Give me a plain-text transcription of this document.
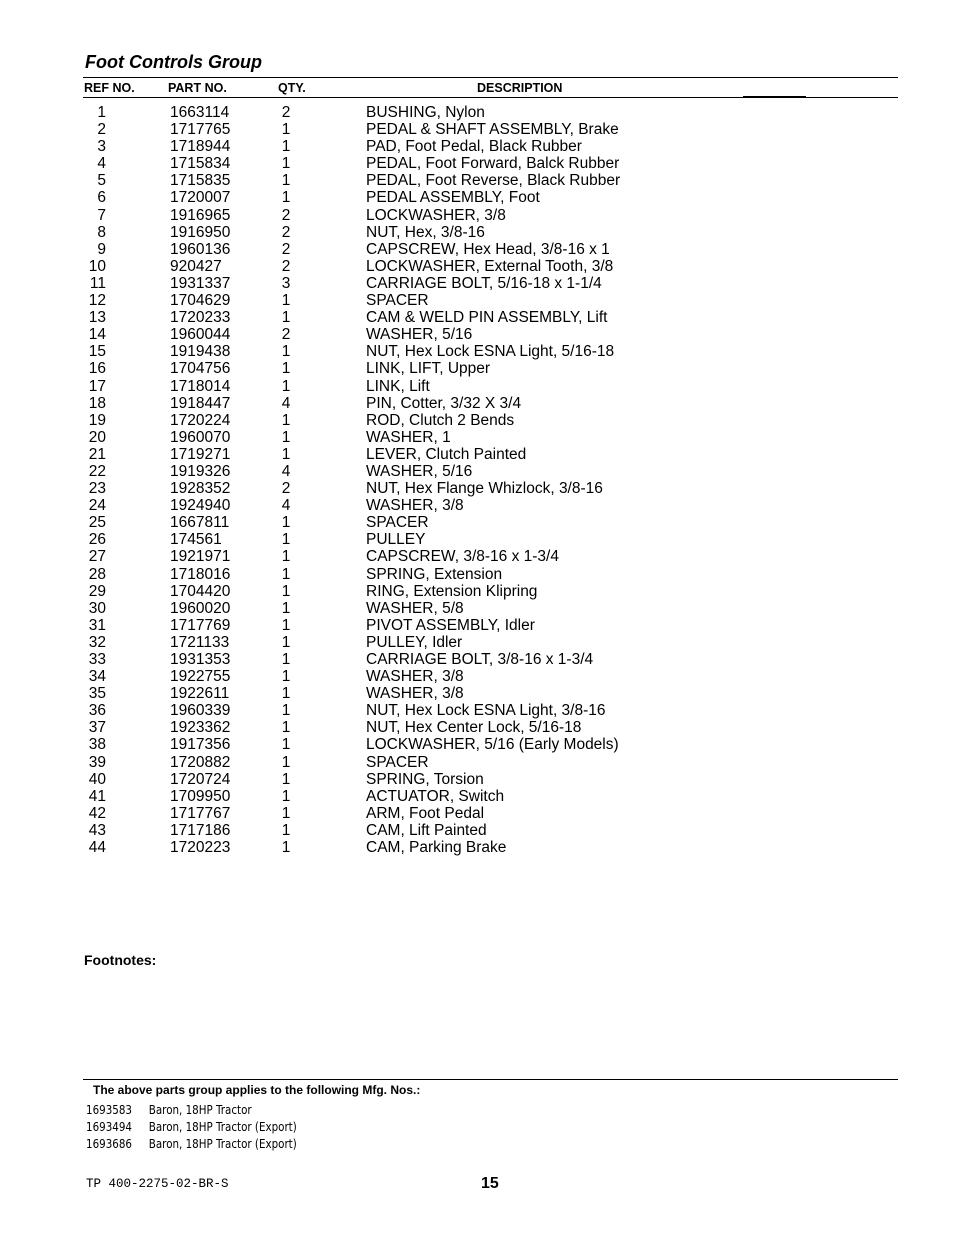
Foot Controls Group
REF NO.	PART NO.	QTY.	DESCRIPTION
1	1663114	2	BUSHING, Nylon
2	1717765	1	PEDAL & SHAFT ASSEMBLY, Brake
3	1718944	1	PAD, Foot Pedal, Black Rubber
4	1715834	1	PEDAL, Foot Forward, Balck Rubber
5	1715835	1	PEDAL, Foot Reverse, Black Rubber
6	1720007	1	PEDAL ASSEMBLY, Foot
7	1916965	2	LOCKWASHER, 3/8
8	1916950	2	NUT, Hex, 3/8-16
9	1960136	2	CAPSCREW, Hex Head, 3/8-16 x 1
10	920427	2	LOCKWASHER, External Tooth, 3/8
11	1931337	3	CARRIAGE BOLT, 5/16-18 x 1-1/4
12	1704629	1	SPACER
13	1720233	1	CAM & WELD PIN ASSEMBLY, Lift
14	1960044	2	WASHER, 5/16
15	1919438	1	NUT, Hex Lock ESNA Light, 5/16-18
16	1704756	1	LINK, LIFT, Upper
17	1718014	1	LINK, Lift
18	1918447	4	PIN, Cotter, 3/32 X 3/4
19	1720224	1	ROD, Clutch 2 Bends
20	1960070	1	WASHER, 1
21	1719271	1	LEVER, Clutch Painted
22	1919326	4	WASHER, 5/16
23	1928352	2	NUT, Hex Flange Whizlock, 3/8-16
24	1924940	4	WASHER, 3/8
25	1667811	1	SPACER
26	174561	1	PULLEY
27	1921971	1	CAPSCREW, 3/8-16 x 1-3/4
28	1718016	1	SPRING, Extension
29	1704420	1	RING, Extension Klipring
30	1960020	1	WASHER, 5/8
31	1717769	1	PIVOT ASSEMBLY, Idler
32	1721133	1	PULLEY, Idler
33	1931353	1	CARRIAGE BOLT, 3/8-16 x 1-3/4
34	1922755	1	WASHER, 3/8
35	1922611	1	WASHER, 3/8
36	1960339	1	NUT, Hex Lock ESNA Light, 3/8-16
37	1923362	1	NUT, Hex Center Lock, 5/16-18
38	1917356	1	LOCKWASHER, 5/16 (Early Models)
39	1720882	1	SPACER
40	1720724	1	SPRING, Torsion
41	1709950	1	ACTUATOR, Switch
42	1717767	1	ARM, Foot Pedal
43	1717186	1	CAM, Lift Painted
44	1720223	1	CAM, Parking Brake
Footnotes:
The above parts group applies to the following Mfg. Nos.:
1693583 Baron, 18HP Tractor
1693494 Baron, 18HP Tractor (Export)
1693686 Baron, 18HP Tractor (Export)
TP 400-2275-02-BR-S	15
